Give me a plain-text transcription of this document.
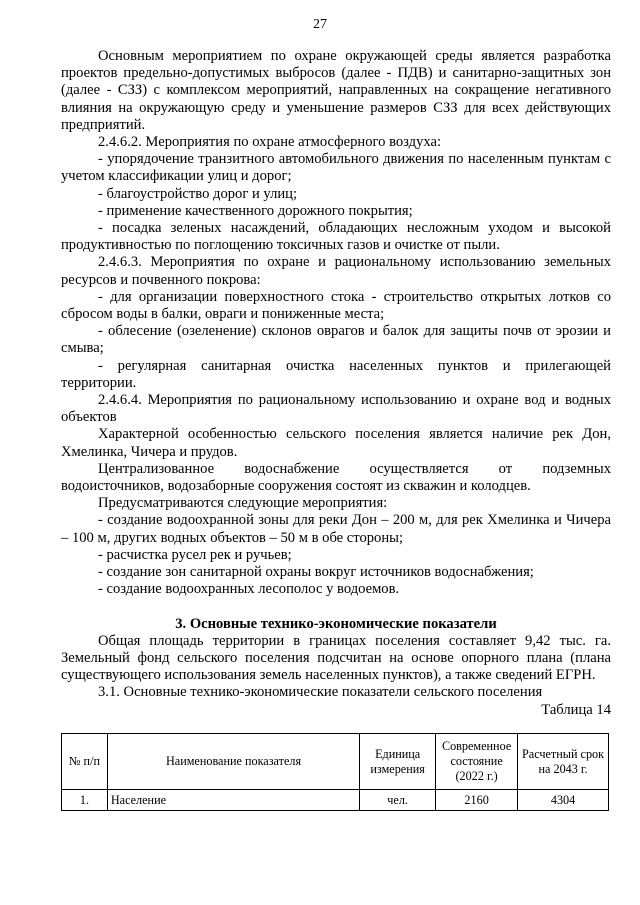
27

Основным мероприятием по охране окружающей среды является разработка проектов предельно-допустимых выбросов (далее - ПДВ) и санитарно-защитных зон (далее - СЗЗ) с комплексом мероприятий, направленных на сокращение негативного влияния на окружающую среду и уменьшение размеров СЗЗ для всех действующих предприятий.

2.4.6.2. Мероприятия по охране атмосферного воздуха:

- упорядочение транзитного автомобильного движения по населенным пунктам с учетом классификации улиц и дорог;

- благоустройство дорог и улиц;

- применение качественного дорожного покрытия;

- посадка зеленых насаждений, обладающих несложным уходом и высокой продуктивностью по поглощению токсичных газов и очистке от пыли.

2.4.6.3. Мероприятия по охране и рациональному использованию земельных ресурсов и почвенного покрова:

- для организации поверхностного стока - строительство открытых лотков со сбросом воды в балки, овраги и пониженные места;

- облесение (озеленение) склонов оврагов и балок для защиты почв от эрозии и смыва;

- регулярная санитарная очистка населенных пунктов и прилегающей территории.

2.4.6.4. Мероприятия по рациональному использованию и охране вод и водных объектов

Характерной особенностью сельского поселения является наличие рек Дон, Хмелинка, Чичера и прудов.

Централизованное водоснабжение осуществляется от подземных водоисточников, водозаборные сооружения состоят из скважин и колодцев.

Предусматриваются следующие мероприятия:

- создание водоохранной зоны для реки Дон – 200 м, для рек Хмелинка и Чичера – 100 м, других водных объектов – 50 м в обе стороны;

- расчистка русел рек и ручьев;

- создание зон санитарной охраны вокруг источников водоснабжения;

- создание водоохранных лесополос у водоемов.

3. Основные технико-экономические показатели

Общая площадь территории в границах поселения составляет 9,42 тыс. га. Земельный фонд сельского поселения подсчитан на основе опорного плана (плана существующего использования земель населенных пунктов), а также сведений ЕГРН.

3.1. Основные технико-экономические показатели сельского поселения

Таблица 14

№ п/п	Наименование показателя	Единица измерения	Современное состояние (2022 г.)	Расчетный срок на 2043 г.
1.	Население	чел.	2160	4304
